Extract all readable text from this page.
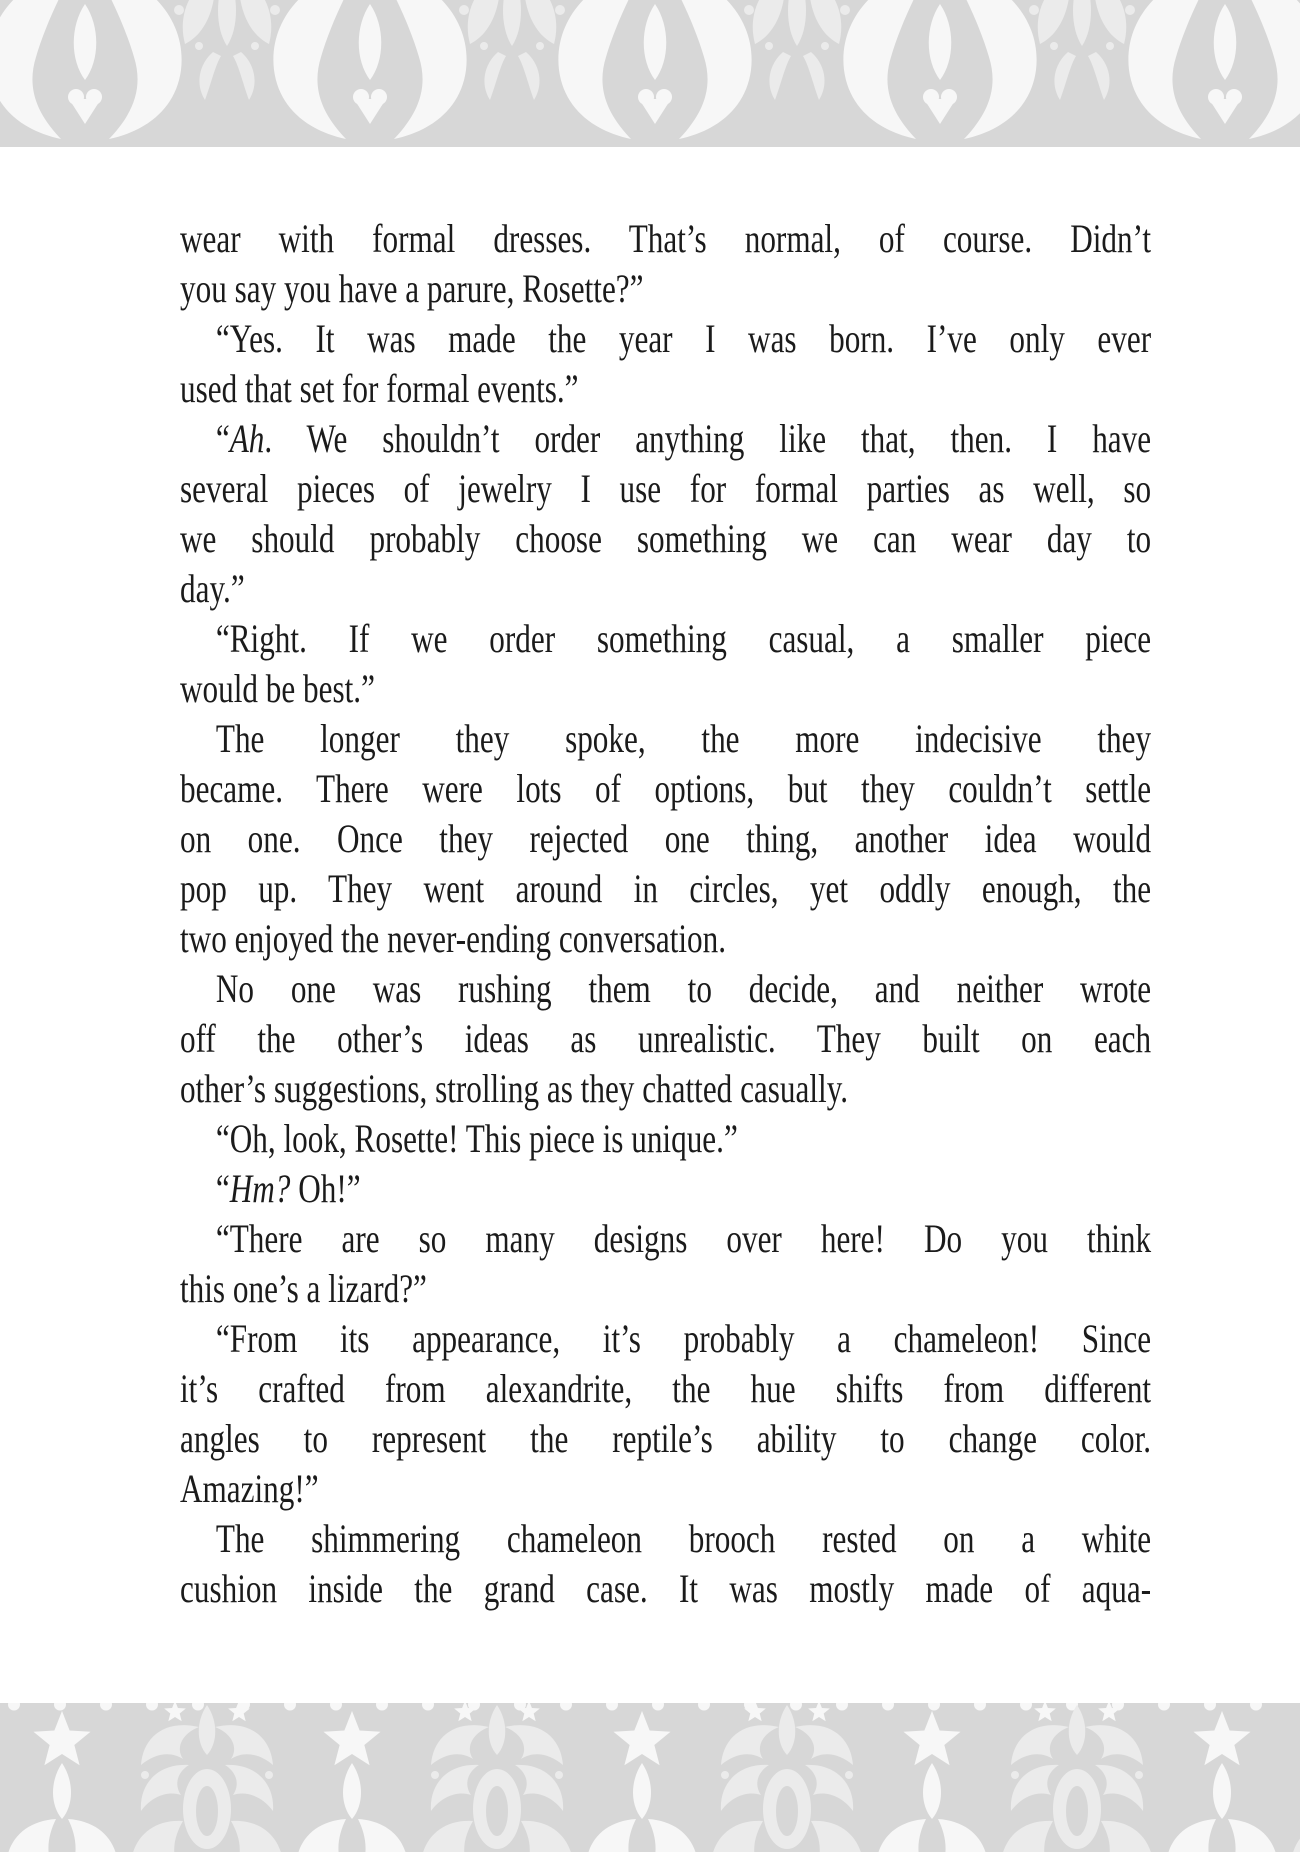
wear with formal dresses. That’s normal, of course. Didn’t
you say you have a parure, Rosette?”
“Yes. It was made the year I was born. I’ve only ever
used that set for formal events.”
“Ah. We shouldn’t order anything like that, then. I have
several pieces of jewelry I use for formal parties as well, so
we should probably choose something we can wear day to
day.”
“Right. If we order something casual, a smaller piece
would be best.”
The longer they spoke, the more indecisive they
became. There were lots of options, but they couldn’t settle
on one. Once they rejected one thing, another idea would
pop up. They went around in circles, yet oddly enough, the
two enjoyed the never-ending conversation.
No one was rushing them to decide, and neither wrote
off the other’s ideas as unrealistic. They built on each
other’s suggestions, strolling as they chatted casually.
“Oh, look, Rosette! This piece is unique.”
“Hm? Oh!”
“There are so many designs over here! Do you think
this one’s a lizard?”
“From its appearance, it’s probably a chameleon! Since
it’s crafted from alexandrite, the hue shifts from different
angles to represent the reptile’s ability to change color.
Amazing!”
The shimmering chameleon brooch rested on a white
cushion inside the grand case. It was mostly made of aqua-
